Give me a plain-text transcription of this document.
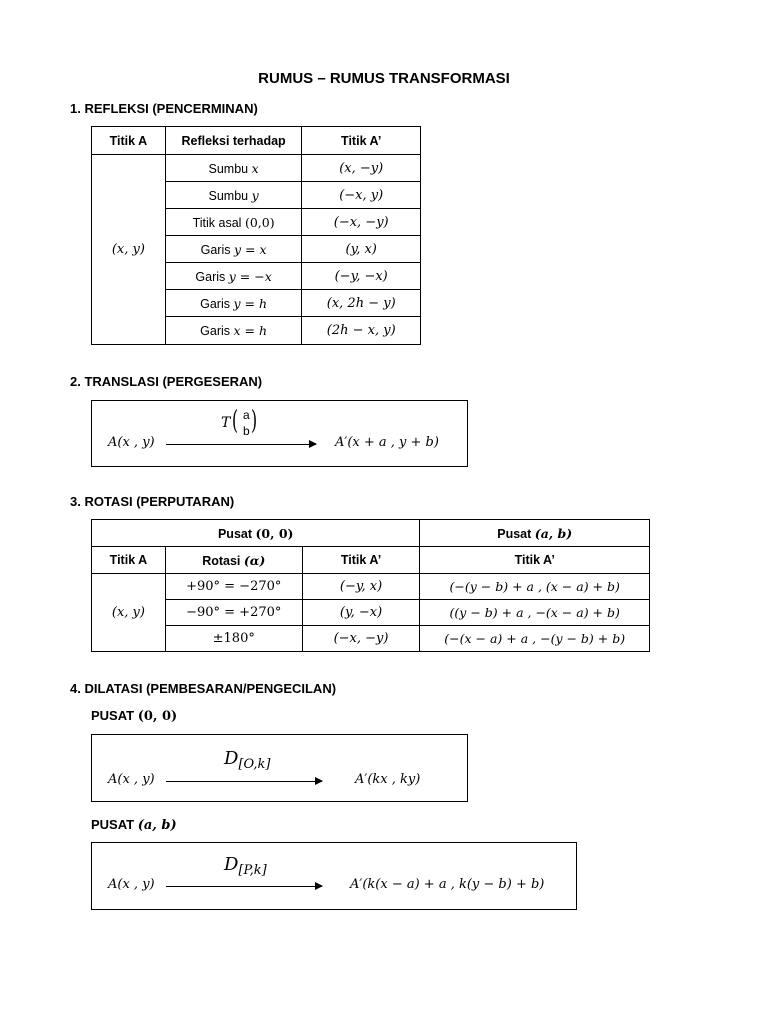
RUMUS – RUMUS TRANSFORMASI
1. REFLEKSI (PENCERMINAN)
Titik A	Refleksi terhadap	Titik A’
(x, y)	Sumbu x	(x, −y)
	Sumbu y	(−x, y)
	Titik asal (0,0)	(−x, −y)
	Garis y = x	(y, x)
	Garis y = −x	(−y, −x)
	Garis y = h	(x, 2h − y)
	Garis x = h	(2h − x, y)
2. TRANSLASI (PERGESERAN)
T ( a
b )
A(x , y)	A′(x + a , y + b)
3. ROTASI (PERPUTARAN)
Pusat (0, 0)			Pusat (a, b)
Titik A	Rotasi (α)	Titik A’	Titik A’
(x, y)	+90° = −270°	(−y, x)	(−(y − b) + a , (x − a) + b)
	−90° = +270°	(y, −x)	((y − b) + a , −(x − a) + b)
	±180°	(−x, −y)	(−(x − a) + a , −(y − b) + b)
4. DILATASI (PEMBESARAN/PENGECILAN)
PUSAT (0, 0)
$D_{[O,k]}$
A(x , y)	A′(kx , ky)
PUSAT (a, b)
$D_{[P,k]}$
A(x , y)	A′(k(x − a) + a , k(y − b) + b)
